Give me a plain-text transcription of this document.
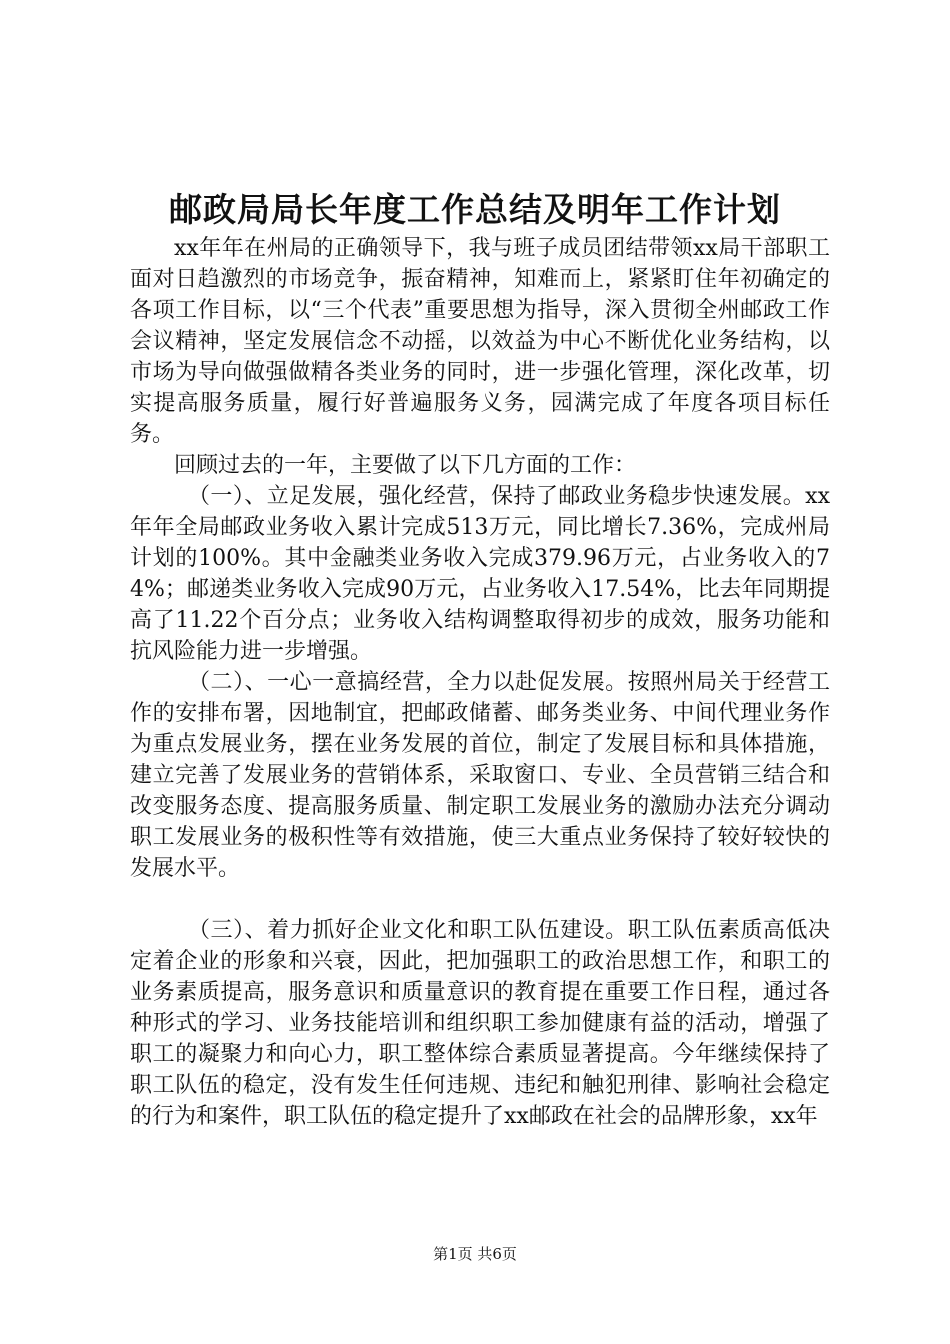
邮政局局长年度工作总结及明年工作计划

xx年年在州局的正确领导下，我与班子成员团结带领xx局干部职工面对日趋激烈的市场竞争，振奋精神，知难而上，紧紧盯住年初确定的各项工作目标，以“三个代表”重要思想为指导，深入贯彻全州邮政工作会议精神，坚定发展信念不动摇，以效益为中心不断优化业务结构，以市场为导向做强做精各类业务的同时，进一步强化管理，深化改革，切实提高服务质量，履行好普遍服务义务，园满完成了年度各项目标任务。

回顾过去的一年，主要做了以下几方面的工作：

（一）、立足发展，强化经营，保持了邮政业务稳步快速发展。xx年年全局邮政业务收入累计完成513万元，同比增长7.36%，完成州局计划的100%。其中金融类业务收入完成379.96万元，占业务收入的74%；邮递类业务收入完成90万元，占业务收入17.54%，比去年同期提高了11.22个百分点；业务收入结构调整取得初步的成效，服务功能和抗风险能力进一步增强。

（二）、一心一意搞经营，全力以赴促发展。按照州局关于经营工作的安排布署，因地制宜，把邮政储蓄、邮务类业务、中间代理业务作为重点发展业务，摆在业务发展的首位，制定了发展目标和具体措施，建立完善了发展业务的营销体系，采取窗口、专业、全员营销三结合和改变服务态度、提高服务质量、制定职工发展业务的激励办法充分调动职工发展业务的极积性等有效措施，使三大重点业务保持了较好较快的发展水平。

（三）、着力抓好企业文化和职工队伍建设。职工队伍素质高低决定着企业的形象和兴衰，因此，把加强职工的政治思想工作，和职工的业务素质提高，服务意识和质量意识的教育提在重要工作日程，通过各种形式的学习、业务技能培训和组织职工参加健康有益的活动，增强了职工的凝聚力和向心力，职工整体综合素质显著提高。今年继续保持了职工队伍的稳定，没有发生任何违规、违纪和触犯刑律、影响社会稳定的行为和案件，职工队伍的稳定提升了xx邮政在社会的品牌形象，xx年

第1页 共6页
